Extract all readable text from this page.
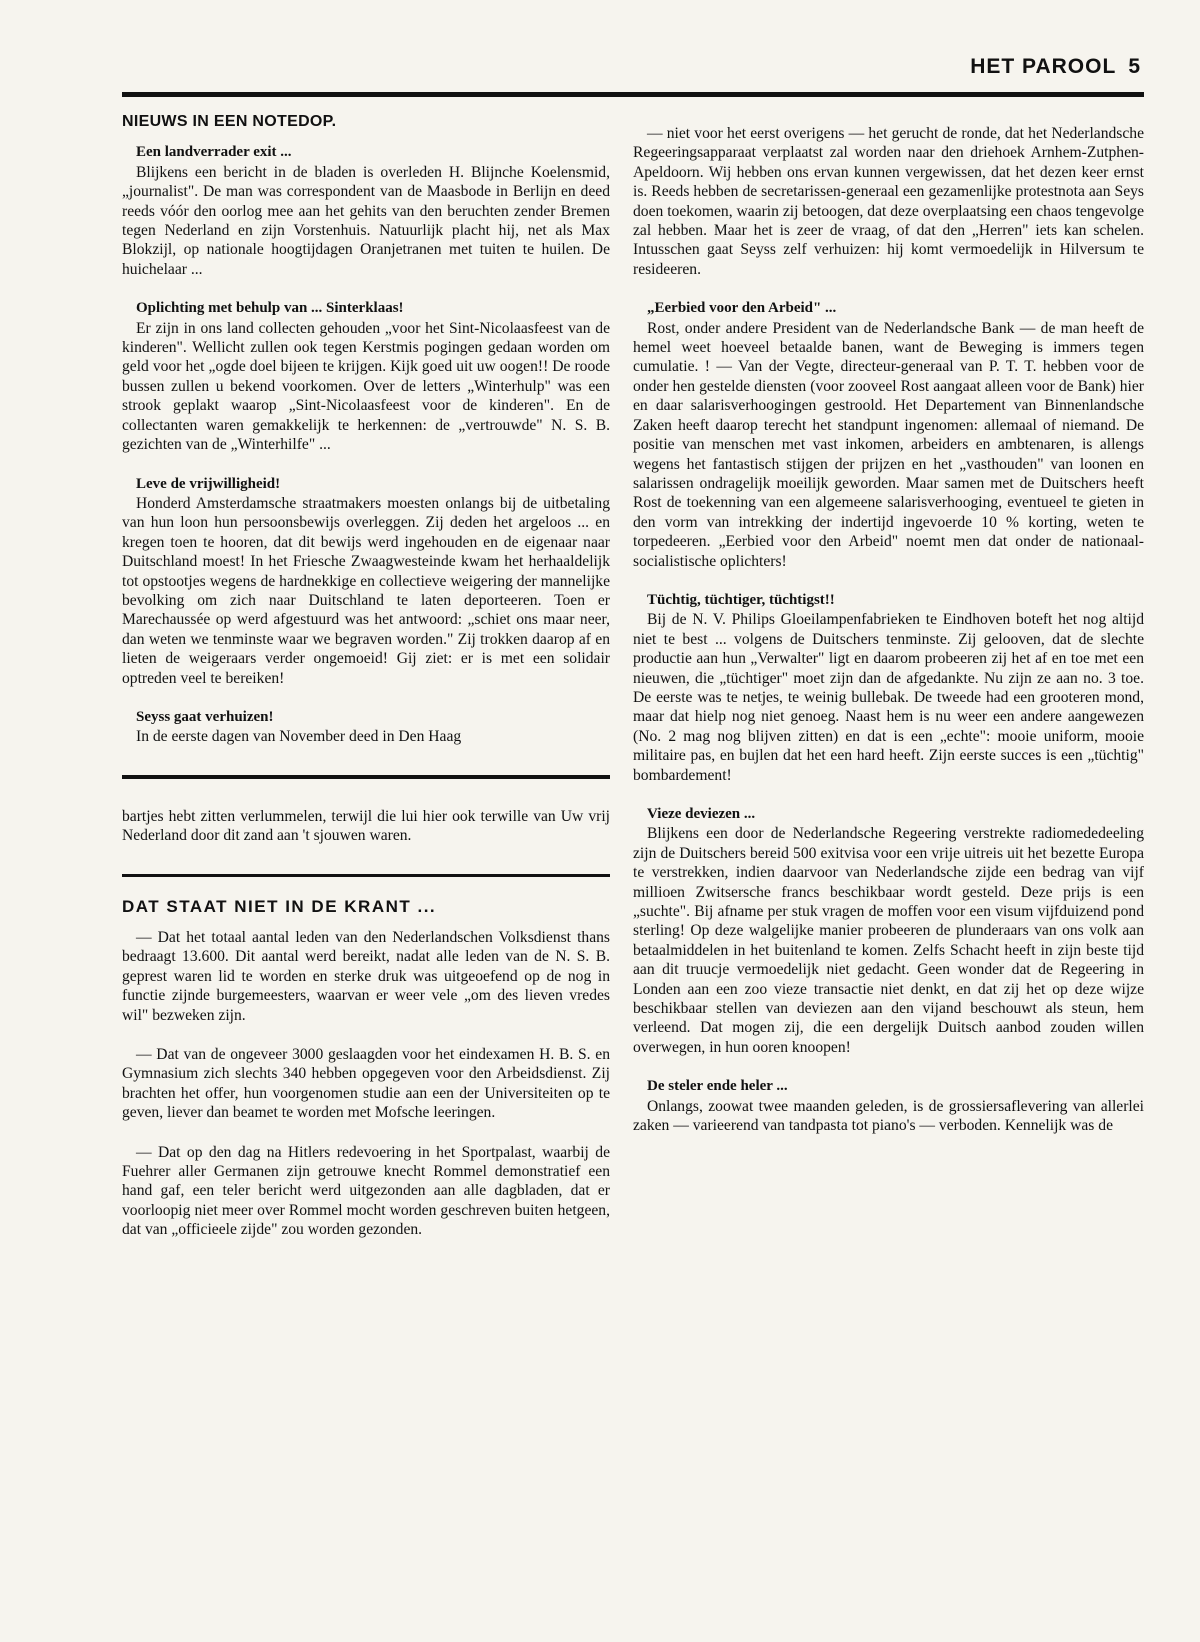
HET PAROOL 5
NIEUWS IN EEN NOTEDOP.

Een landverrader exit ...

Blijkens een bericht in de bladen is overleden H. Blijnche Koelensmid, „journalist". De man was correspondent van de Maasbode in Berlijn en deed reeds vóór den oorlog mee aan het gehits van den beruchten zender Bremen tegen Nederland en zijn Vorstenhuis. Natuurlijk placht hij, net als Max Blokzijl, op nationale hoogtijdagen Oranjetranen met tuiten te huilen. De huichelaar ...

Oplichting met behulp van ... Sinterklaas!

Er zijn in ons land collecten gehouden „voor het Sint-Nicolaasfeest van de kinderen". Wellicht zullen ook tegen Kerstmis pogingen gedaan worden om geld voor het „ogde doel bijeen te krijgen. Kijk goed uit uw oogen!! De roode bussen zullen u bekend voorkomen. Over de letters „Winterhulp" was een strook geplakt waarop „Sint-Nicolaasfeest voor de kinderen". En de collectanten waren gemakkelijk te herkennen: de „vertrouwde" N. S. B. gezichten van de „Winterhilfe" ...

Leve de vrijwilligheid!

Honderd Amsterdamsche straatmakers moesten onlangs bij de uitbetaling van hun loon hun persoonsbewijs overleggen. Zij deden het argeloos ... en kregen toen te hooren, dat dit bewijs werd ingehouden en de eigenaar naar Duitschland moest! In het Friesche Zwaagwesteinde kwam het herhaaldelijk tot opstootjes wegens de hardnekkige en collectieve weigering der mannelijke bevolking om zich naar Duitschland te laten deporteeren. Toen er Marechaussée op werd afgestuurd was het antwoord: „schiet ons maar neer, dan weten we tenminste waar we begraven worden." Zij trokken daarop af en lieten de weigeraars verder ongemoeid! Gij ziet: er is met een solidair optreden veel te bereiken!

Seyss gaat verhuizen!

In de eerste dagen van November deed in Den Haag

bartjes hebt zitten verlummelen, terwijl die lui hier ook terwille van Uw vrij Nederland door dit zand aan 't sjouwen waren.

DAT STAAT NIET IN DE KRANT ...

— Dat het totaal aantal leden van den Nederlandschen Volksdienst thans bedraagt 13.600. Dit aantal werd bereikt, nadat alle leden van de N. S. B. geprest waren lid te worden en sterke druk was uitgeoefend op de nog in functie zijnde burgemeesters, waarvan er weer vele „om des lieven vredes wil" bezweken zijn.

— Dat van de ongeveer 3000 geslaagden voor het eindexamen H. B. S. en Gymnasium zich slechts 340 hebben opgegeven voor den Arbeidsdienst. Zij brachten het offer, hun voorgenomen studie aan een der Universiteiten op te geven, liever dan beamet te worden met Mofsche leeringen.

— Dat op den dag na Hitlers redevoering in het Sportpalast, waarbij de Fuehrer aller Germanen zijn getrouwe knecht Rommel demonstratief een hand gaf, een teler bericht werd uitgezonden aan alle dagbladen, dat er voorloopig niet meer over Rommel mocht worden geschreven buiten hetgeen, dat van „officieele zijde" zou worden gezonden.

— niet voor het eerst overigens — het gerucht de ronde, dat het Nederlandsche Regeeringsapparaat verplaatst zal worden naar den driehoek Arnhem-Zutphen-Apeldoorn. Wij hebben ons ervan kunnen vergewissen, dat het dezen keer ernst is. Reeds hebben de secretarissen-generaal een gezamenlijke protestnota aan Seys doen toekomen, waarin zij betoogen, dat deze overplaatsing een chaos tengevolge zal hebben. Maar het is zeer de vraag, of dat den „Herren" iets kan schelen. Intusschen gaat Seyss zelf verhuizen: hij komt vermoedelijk in Hilversum te resideeren.

„Eerbied voor den Arbeid" ...

Rost, onder andere President van de Nederlandsche Bank — de man heeft de hemel weet hoeveel betaalde banen, want de Beweging is immers tegen cumulatie. ! — Van der Vegte, directeur-generaal van P. T. T. hebben voor de onder hen gestelde diensten (voor zooveel Rost aangaat alleen voor de Bank) hier en daar salarisverhoogingen gestroold. Het Departement van Binnenlandsche Zaken heeft daarop terecht het standpunt ingenomen: allemaal of niemand. De positie van menschen met vast inkomen, arbeiders en ambtenaren, is allengs wegens het fantastisch stijgen der prijzen en het „vasthouden" van loonen en salarissen ondragelijk moeilijk geworden. Maar samen met de Duitschers heeft Rost de toekenning van een algemeene salarisverhooging, eventueel te gieten in den vorm van intrekking der indertijd ingevoerde 10 % korting, weten te torpedeeren. „Eerbied voor den Arbeid" noemt men dat onder de nationaal-socialistische oplichters!

Tüchtig, tüchtiger, tüchtigst!!

Bij de N. V. Philips Gloeilampenfabrieken te Eindhoven boteft het nog altijd niet te best ... volgens de Duitschers tenminste. Zij gelooven, dat de slechte productie aan hun „Verwalter" ligt en daarom probeeren zij het af en toe met een nieuwen, die „tüchtiger" moet zijn dan de afgedankte. Nu zijn ze aan no. 3 toe. De eerste was te netjes, te weinig bullebak. De tweede had een grooteren mond, maar dat hielp nog niet genoeg. Naast hem is nu weer een andere aangewezen (No. 2 mag nog blijven zitten) en dat is een „echte": mooie uniform, mooie militaire pas, en bujlen dat het een hard heeft. Zijn eerste succes is een „tüchtig" bombardement!

Vieze deviezen ...

Blijkens een door de Nederlandsche Regeering verstrekte radiomededeeling zijn de Duitschers bereid 500 exitvisa voor een vrije uitreis uit het bezette Europa te verstrekken, indien daarvoor van Nederlandsche zijde een bedrag van vijf millioen Zwitsersche francs beschikbaar wordt gesteld. Deze prijs is een „suchte". Bij afname per stuk vragen de moffen voor een visum vijfduizend pond sterling! Op deze walgelijke manier probeeren de plunderaars van ons volk aan betaalmiddelen in het buitenland te komen. Zelfs Schacht heeft in zijn beste tijd aan dit truucje vermoedelijk niet gedacht. Geen wonder dat de Regeering in Londen aan een zoo vieze transactie niet denkt, en dat zij het op deze wijze beschikbaar stellen van deviezen aan den vijand beschouwt als steun, hem verleend. Dat mogen zij, die een dergelijk Duitsch aanbod zouden willen overwegen, in hun ooren knoopen!

De steler ende heler ...

Onlangs, zoowat twee maanden geleden, is de grossiersaflevering van allerlei zaken — varieerend van tandpasta tot piano's — verboden. Kennelijk was de
